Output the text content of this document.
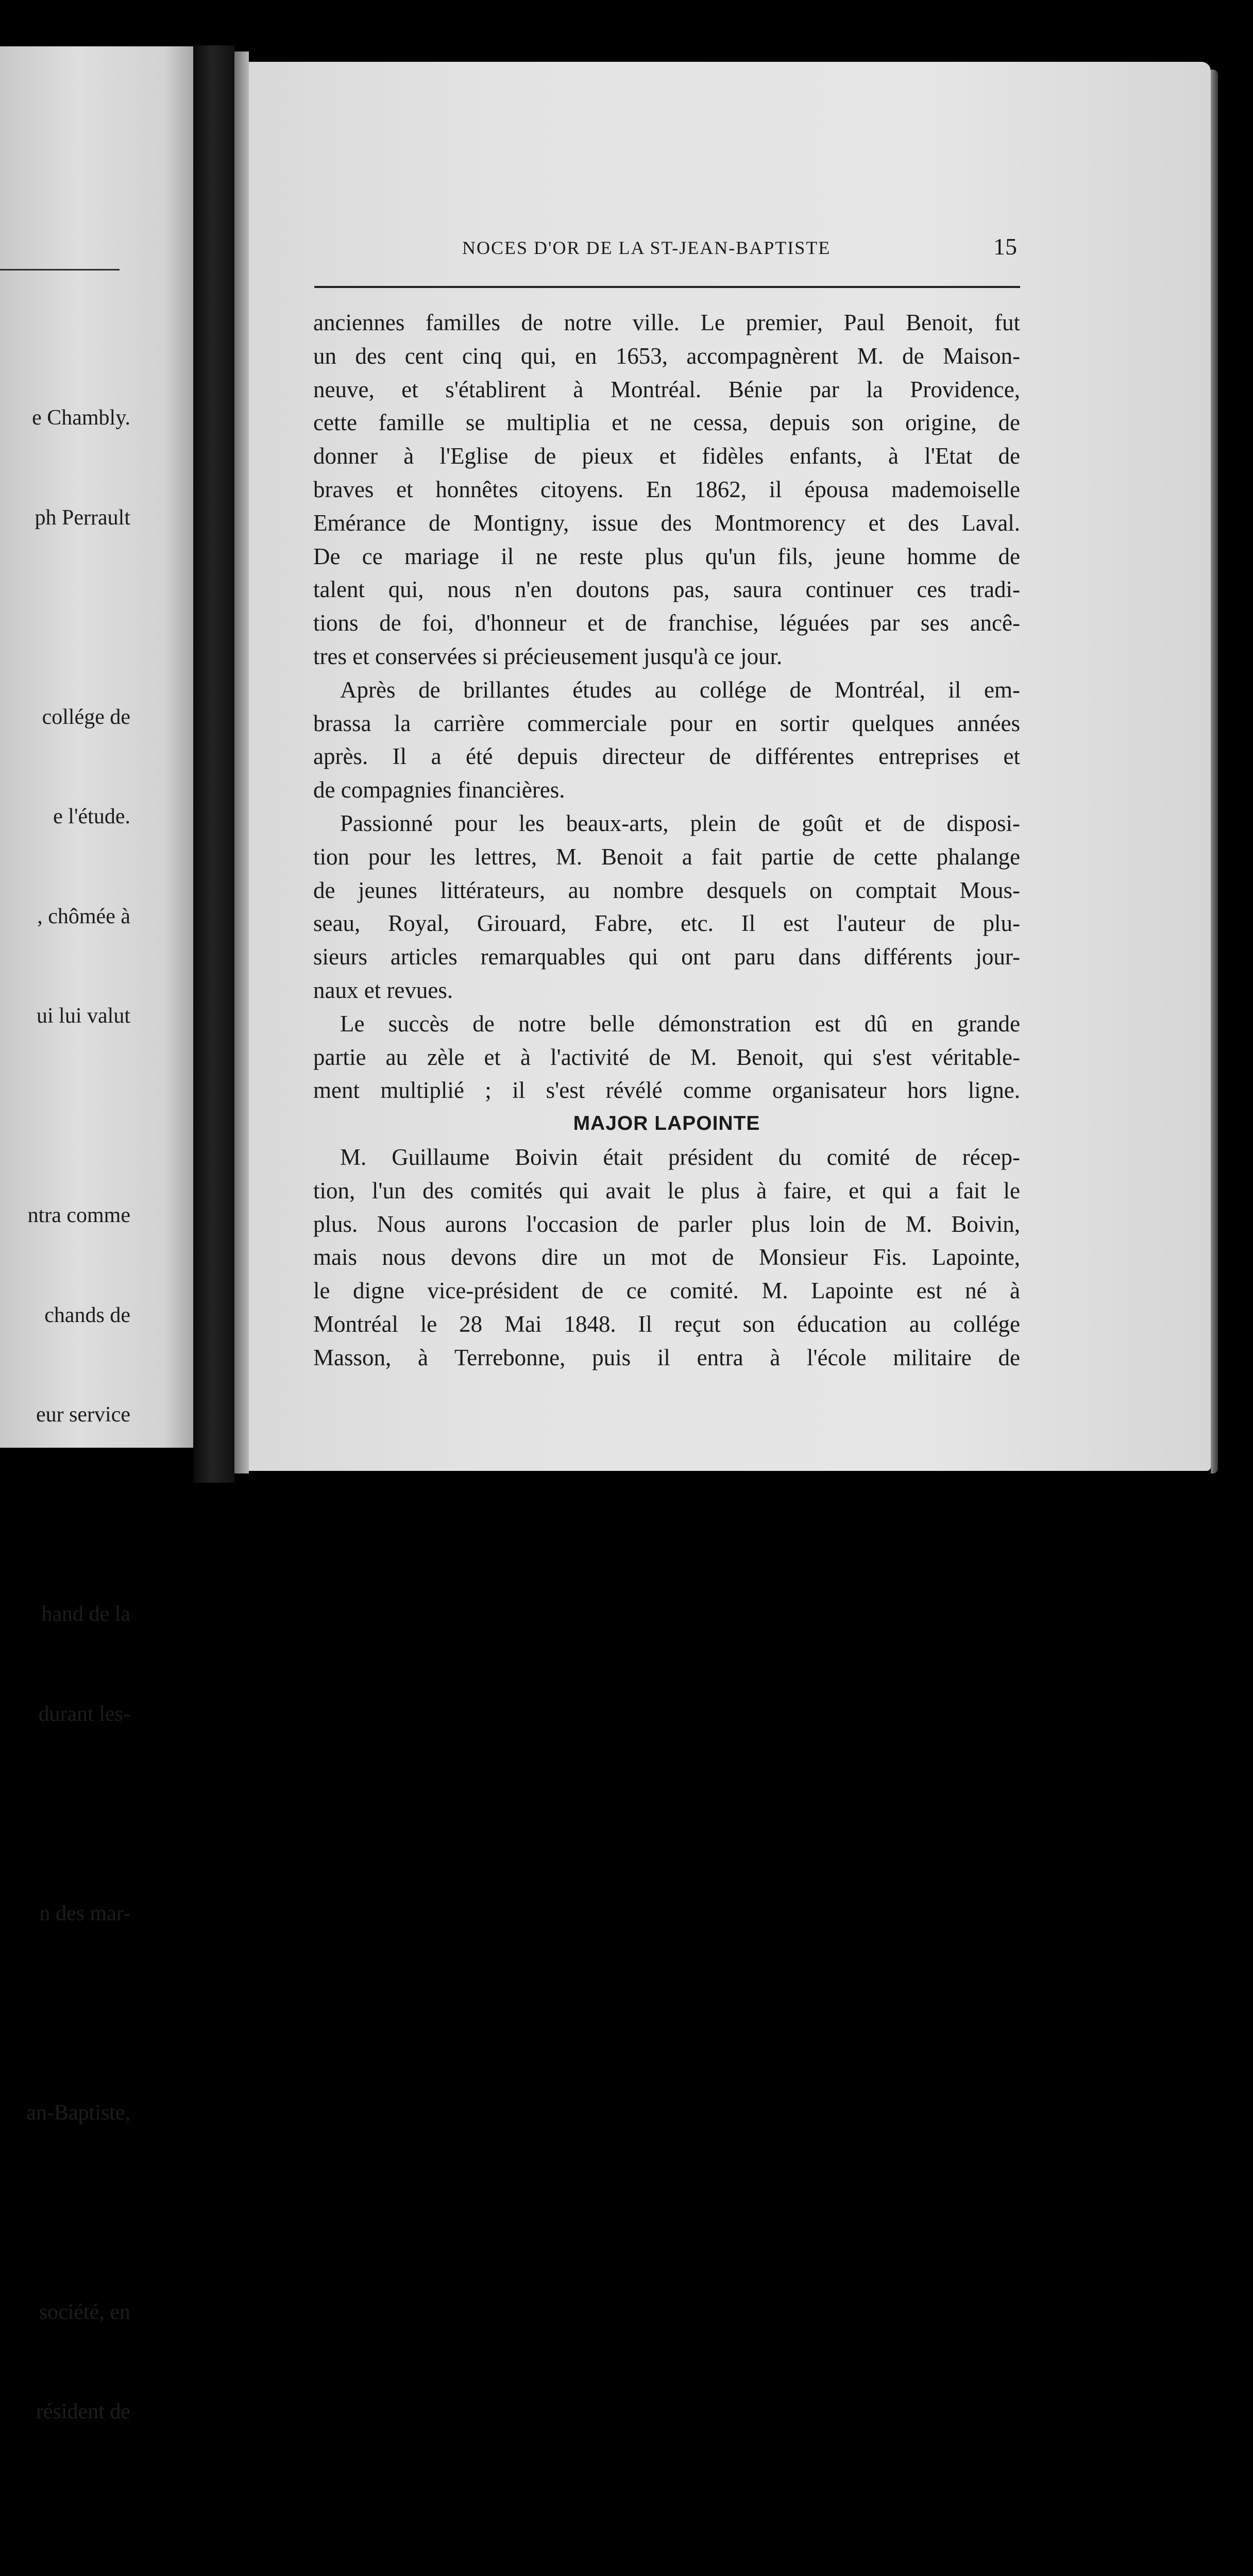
e Chambly.

ph Perrault

collége de

e l'étude.

, chômée à

ui lui valut

ntra comme

chands de

eur service

hand de la

durant les-

n des mar-

an-Baptiste,

société, en

résident de

NOCES D'OR DE LA ST-JEAN-BAPTISTE	15
anciennes familles de notre ville. Le premier, Paul Benoit, fut
un des cent cinq qui, en 1653, accompagnèrent M. de Maison-
neuve, et s'établirent à Montréal. Bénie par la Providence,
cette famille se multiplia et ne cessa, depuis son origine, de
donner à l'Eglise de pieux et fidèles enfants, à l'Etat de
braves et honnêtes citoyens. En 1862, il épousa mademoiselle
Emérance de Montigny, issue des Montmorency et des Laval.
De ce mariage il ne reste plus qu'un fils, jeune homme de
talent qui, nous n'en doutons pas, saura continuer ces tradi-
tions de foi, d'honneur et de franchise, léguées par ses ancê-
tres et conservées si précieusement jusqu'à ce jour.
Après de brillantes études au collége de Montréal, il em-
brassa la carrière commerciale pour en sortir quelques années
après. Il a été depuis directeur de différentes entreprises et
de compagnies financières.
Passionné pour les beaux-arts, plein de goût et de disposi-
tion pour les lettres, M. Benoit a fait partie de cette phalange
de jeunes littérateurs, au nombre desquels on comptait Mous-
seau, Royal, Girouard, Fabre, etc. Il est l'auteur de plu-
sieurs articles remarquables qui ont paru dans différents jour-
naux et revues.
Le succès de notre belle démonstration est dû en grande
partie au zèle et à l'activité de M. Benoit, qui s'est véritable-
ment multiplié ; il s'est révélé comme organisateur hors ligne.
MAJOR LAPOINTE
M. Guillaume Boivin était président du comité de récep-
tion, l'un des comités qui avait le plus à faire, et qui a fait le
plus. Nous aurons l'occasion de parler plus loin de M. Boivin,
mais nous devons dire un mot de Monsieur Fis. Lapointe,
le digne vice-président de ce comité. M. Lapointe est né à
Montréal le 28 Mai 1848. Il reçut son éducation au collége
Masson, à Terrebonne, puis il entra à l'école militaire de
